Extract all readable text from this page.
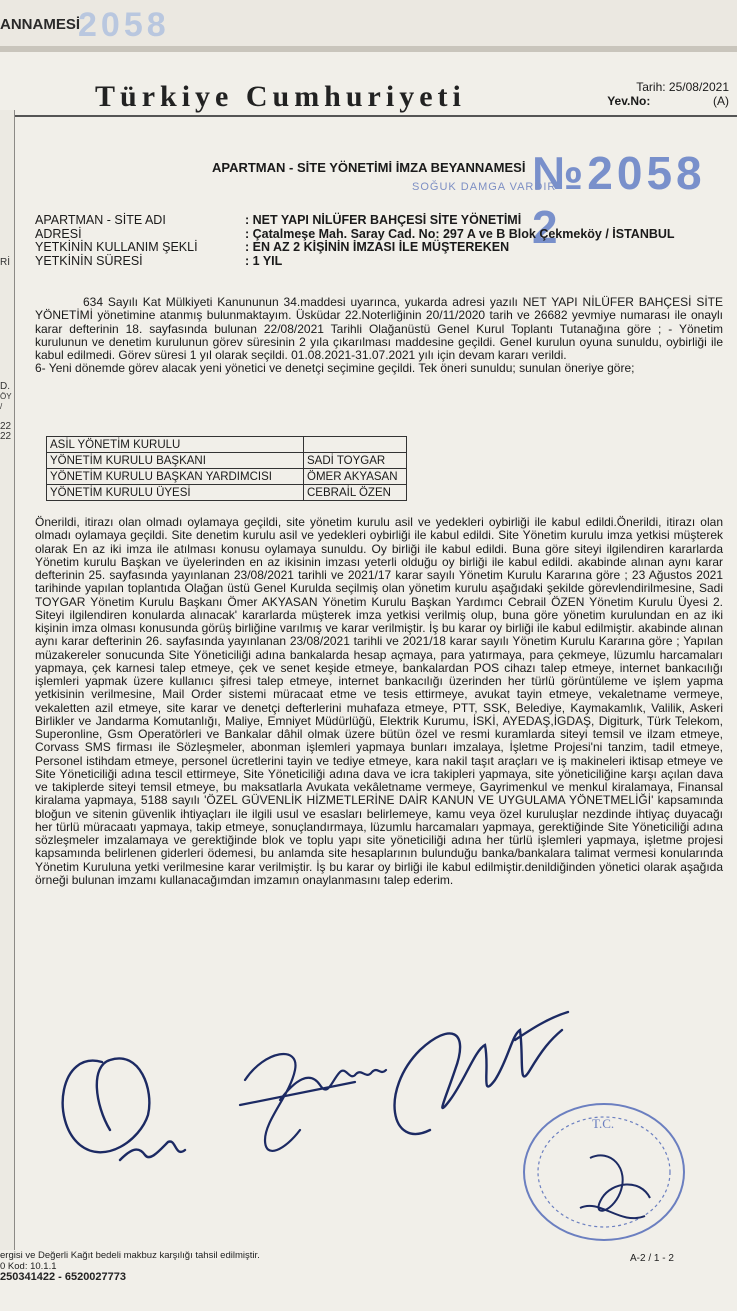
ANNAMESİ
2058
Türkiye Cumhuriyeti	Tarih: 25/08/2021
Yev.No:	(A)
Rİ
D.
ÖY /
22
22
APARTMAN - SİTE YÖNETİMİ İMZA BEYANNAMESİ №2058 2
SOĞUK DAMGA VARDIR
APARTMAN - SİTE ADI	: NET YAPI NİLÜFER BAHÇESİ SİTE YÖNETİMİ
ADRESİ	: Çatalmeşe Mah. Saray Cad. No: 297 A ve B Blok Çekmeköy / İSTANBUL
YETKİNİN KULLANIM ŞEKLİ	: EN AZ 2 KİŞİNİN İMZASI İLE MÜŞTEREKEN
YETKİNİN SÜRESİ	: 1 YIL

634 Sayılı Kat Mülkiyeti Kanununun 34.maddesi uyarınca, yukarda adresi yazılı NET YAPI NİLÜFER BAHÇESİ SİTE YÖNETİMİ yönetimine atanmış bulunmaktayım. Üsküdar 22.Noterliğinin 20/11/2020 tarih ve 26682 yevmiye numarası ile onaylı karar defterinin 18. sayfasında bulunan 22/08/2021 Tarihli Olağanüstü Genel Kurul Toplantı Tutanağına göre ; - Yönetim kurulunun ve denetim kurulunun görev süresinin 2 yıla çıkarılması maddesine geçildi. Genel kurulun oyuna sunuldu, oybirliği ile kabul edilmedi. Görev süresi 1 yıl olarak seçildi. 01.08.2021-31.07.2021 yılı için devam kararı verildi.

6- Yeni dönemde görev alacak yeni yönetici ve denetçi seçimine geçildi. Tek öneri sunuldu; sunulan öneriye göre;

ASİL YÖNETİM KURULU	
YÖNETİM KURULU BAŞKANI	SADİ TOYGAR
YÖNETİM KURULU BAŞKAN YARDIMCISI	ÖMER AKYASAN
YÖNETİM KURULU ÜYESİ	CEBRAİL ÖZEN

Önerildi, itirazı olan olmadı oylamaya geçildi, site yönetim kurulu asil ve yedekleri oybirliği ile kabul edildi.Önerildi, itirazı olan olmadı oylamaya geçildi. Site denetim kurulu asil ve yedekleri oybirliği ile kabul edildi. Site Yönetim kurulu imza yetkisi müşterek olarak En az iki imza ile atılması konusu oylamaya sunuldu. Oy birliği ile kabul edildi. Buna göre siteyi ilgilendiren kararlarda Yönetim kurulu Başkan ve üyelerinden en az ikisinin imzası yeterli olduğu oy birliği ile kabul edildi. akabinde alınan aynı karar defterinin 25. sayfasında yayınlanan 23/08/2021 tarihli ve 2021/17 karar sayılı Yönetim Kurulu Kararına göre ; 23 Ağustos 2021 tarihinde yapılan toplantıda Olağan üstü Genel Kurulda seçilmiş olan yönetim kurulu aşağıdaki şekilde görevlendirilmesine, Sadi TOYGAR Yönetim Kurulu Başkanı Ömer AKYASAN Yönetim Kurulu Başkan Yardımcı Cebrail ÖZEN Yönetim Kurulu Üyesi 2. Siteyi ilgilendiren konularda alınacak' kararlarda müşterek imza yetkisi verilmiş olup, buna göre yönetim kurulundan en az iki kişinin imza olması konusunda görüş birliğine varılmış ve karar verilmiştir. İş bu karar oy birliği ile kabul edilmiştir. akabinde alınan aynı karar defterinin 26. sayfasında yayınlanan 23/08/2021 tarihli ve 2021/18 karar sayılı Yönetim Kurulu Kararına göre ; Yapılan müzakereler sonucunda Site Yöneticiliği adına bankalarda hesap açmaya, para yatırmaya, para çekmeye, lüzumlu harcamaları yapmaya, çek karnesi talep etmeye, çek ve senet keşide etmeye, bankalardan POS cihazı talep etmeye, internet bankacılığı işlemleri yapmak üzere kullanıcı şifresi talep etmeye, internet bankacılığı üzerinden her türlü görüntüleme ve işlem yapma yetkisinin verilmesine, Mail Order sistemi müracaat etme ve tesis ettirmeye, avukat tayin etmeye, vekaletname vermeye, vekaletten azil etmeye, site karar ve denetçi defterlerini muhafaza etmeye, PTT, SSK, Belediye, Kaymakamlık, Valilik, Askeri Birlikler ve Jandarma Komutanlığı, Maliye, Emniyet Müdürlüğü, Elektrik Kurumu, İSKİ, AYEDAŞ,İGDAŞ, Digiturk, Türk Telekom, Superonline, Gsm Operatörleri ve Bankalar dâhil olmak üzere bütün özel ve resmi kuramlarda siteyi temsil ve ilzam etmeye, Corvass SMS firması ile Sözleşmeler, abonman işlemleri yapmaya bunları imzalaya, İşletme Projesi'ni tanzim, tadil etmeye, Personel istihdam etmeye, personel ücretlerini tayin ve tediye etmeye, kara nakil taşıt araçları ve iş makineleri iktisap etmeye ve Site Yöneticiliği adına tescil ettirmeye, Site Yöneticiliği adına dava ve icra takipleri yapmaya, site yöneticiliğine karşı açılan dava ve takiplerde siteyi temsil etmeye, bu maksatlarla Avukata vekâletname vermeye, Gayrimenkul ve menkul kiralamaya, Finansal kiralama yapmaya, 5188 sayılı 'ÖZEL GÜVENLİK HİZMETLERİNE DAİR KANUN VE UYGULAMA YÖNETMELİĞİ' kapsamında bloğun ve sitenin güvenlik ihtiyaçları ile ilgili usul ve esasları belirlemeye, kamu veya özel kuruluşlar nezdinde ihtiyaç duyacağı her türlü müracaatı yapmaya, takip etmeye, sonuçlandırmaya, lüzumlu harcamaları yapmaya, gerektiğinde Site Yöneticiliği adına sözleşmeler imzalamaya ve gerektiğinde blok ve toplu yapı site yöneticiliği adına her türlü işlemleri yapmaya, işletme projesi kapsamında belirlenen giderleri ödemesi, bu anlamda site hesaplarının bulunduğu banka/bankalara talimat vermesi konularında Yönetim Kuruluna yetki verilmesine karar verilmiştir. İş bu karar oy birliği ile kabul edilmiştir.denildiğinden yönetici olarak aşağıda örneği bulunan imzamı kullanacağımdan imzamın onaylanmasını talep ederim.

T.C.
ergisi ve Değerli Kağıt bedeli makbuz karşılığı tahsil edilmiştir.
0 Kod: 10.1.1
250341422 - 6520027773
A-2 / 1 - 2
